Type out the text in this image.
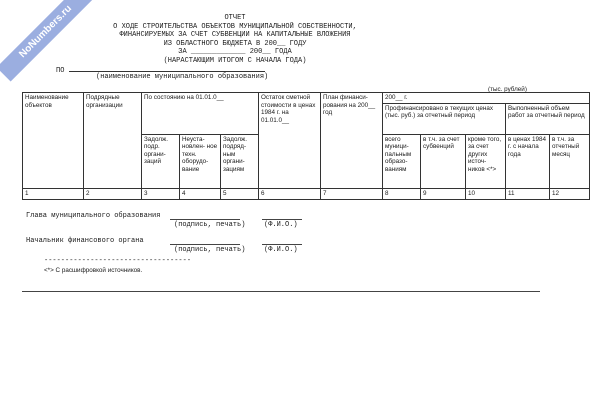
NoNumbers.ru	ОТЧЕТ
О ХОДЕ СТРОИТЕЛЬСТВА ОБЪЕКТОВ МУНИЦИПАЛЬНОЙ СОБСТВЕННОСТИ,
ФИНАНСИРУЕМЫХ ЗА СЧЕТ СУБВЕНЦИИ НА КАПИТАЛЬНЫЕ ВЛОЖЕНИЯ
ИЗ ОБЛАСТНОГО БЮДЖЕТА В 200__ ГОДУ
ЗА _____________ 200__ ГОДА
(НАРАСТАЮЩИМ ИТОГОМ С НАЧАЛА ГОДА)
ПО
(наименование муниципального образования)
(тыс. рублей)
Наименование объектов	Подрядные организации	По состоянию на 01.01.0__			Остаток сметной стоимости в ценах 1984 г. на 01.01.0__	План финанси- рования на 200__ год	200__ г.				
							Профинансировано в текущих ценах (тыс. руб.) за отчетный период			Выполненный объем работ за отчетный период	
		Задолж. подр. органи- заций	Неуста- новлен- ное техн. оборудо- вание	Задолж. подряд- ным органи- зациям			всего муници- пальным образо- ваниям	в т.ч. за счет субвенций	кроме того, за счет других источ- ников <*>	в ценах 1984 г. с начала года	в т.ч. за отчетный месяц
1	2	3	4	5	6	7	8	9	10	11	12
Глава муниципального образования
(подпись, печать)	(Ф.И.О.)
Начальник финансового органа
(подпись, печать)	(Ф.И.О.)
-----------------------------------
<*> С расшифровкой источников.
